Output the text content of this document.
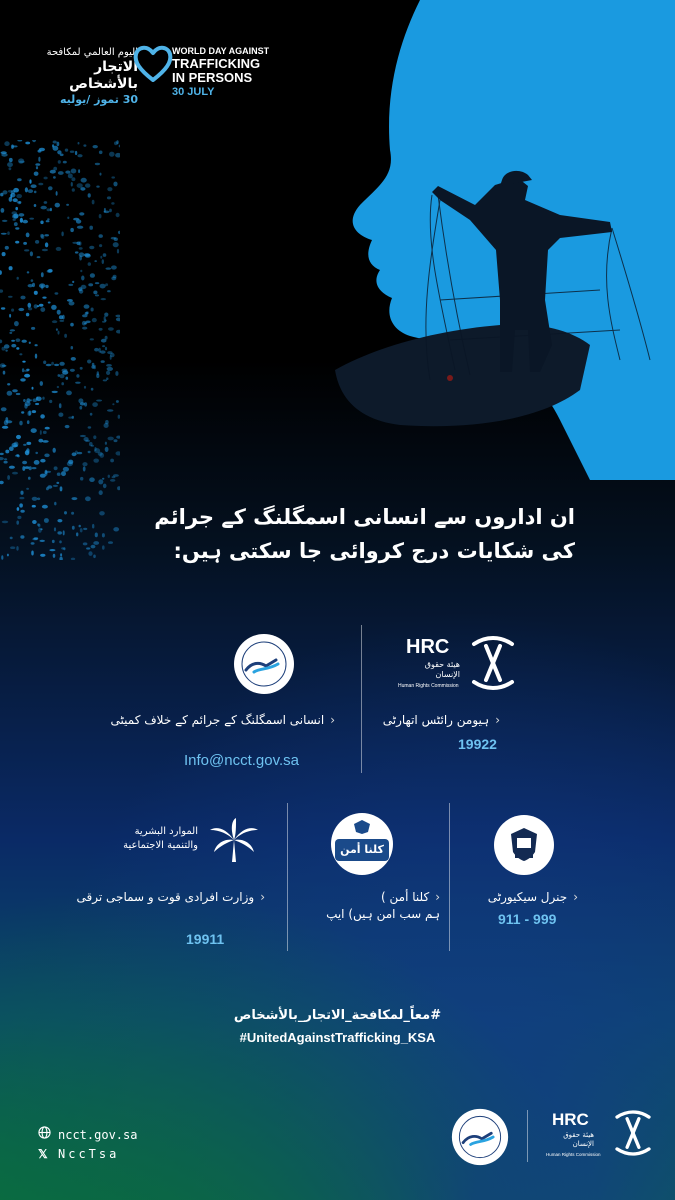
اليوم العالمي لمكافحة
الاتجار بالأشخاص
30 تموز /يوليه
WORLD DAY AGAINST
TRAFFICKING
IN PERSONS
30 JULY
ان اداروں سے انسانی اسمگلنگ کے جرائم
کی شکایات درج کروائی جا سکتی ہیں:
HRC
هيئة حقوق
الإنسان
Human Rights Commission
‹ہیومن رائٹس اتھارٹی
19922
‹انسانی اسمگلنگ کے جرائم کے خلاف کمیٹی
Info@ncct.gov.sa
كلنا أمن
الموارد البشرية
والتنمية الاجتماعية
‹جنرل سیکیورٹی
911 - 999
‹كلنا أمن )
ہم سب امن ہیں) ایپ
‹وزارت افرادی قوت و سماجی ترقی
19911
#معاً_لمكافحة_الاتجار_بالأشخاص
#UnitedAgainstTrafficking_KSA
ncct.gov.sa
𝕏 NccTsa
HRC
هيئة حقوق
الإنسان
Human Rights Commission
